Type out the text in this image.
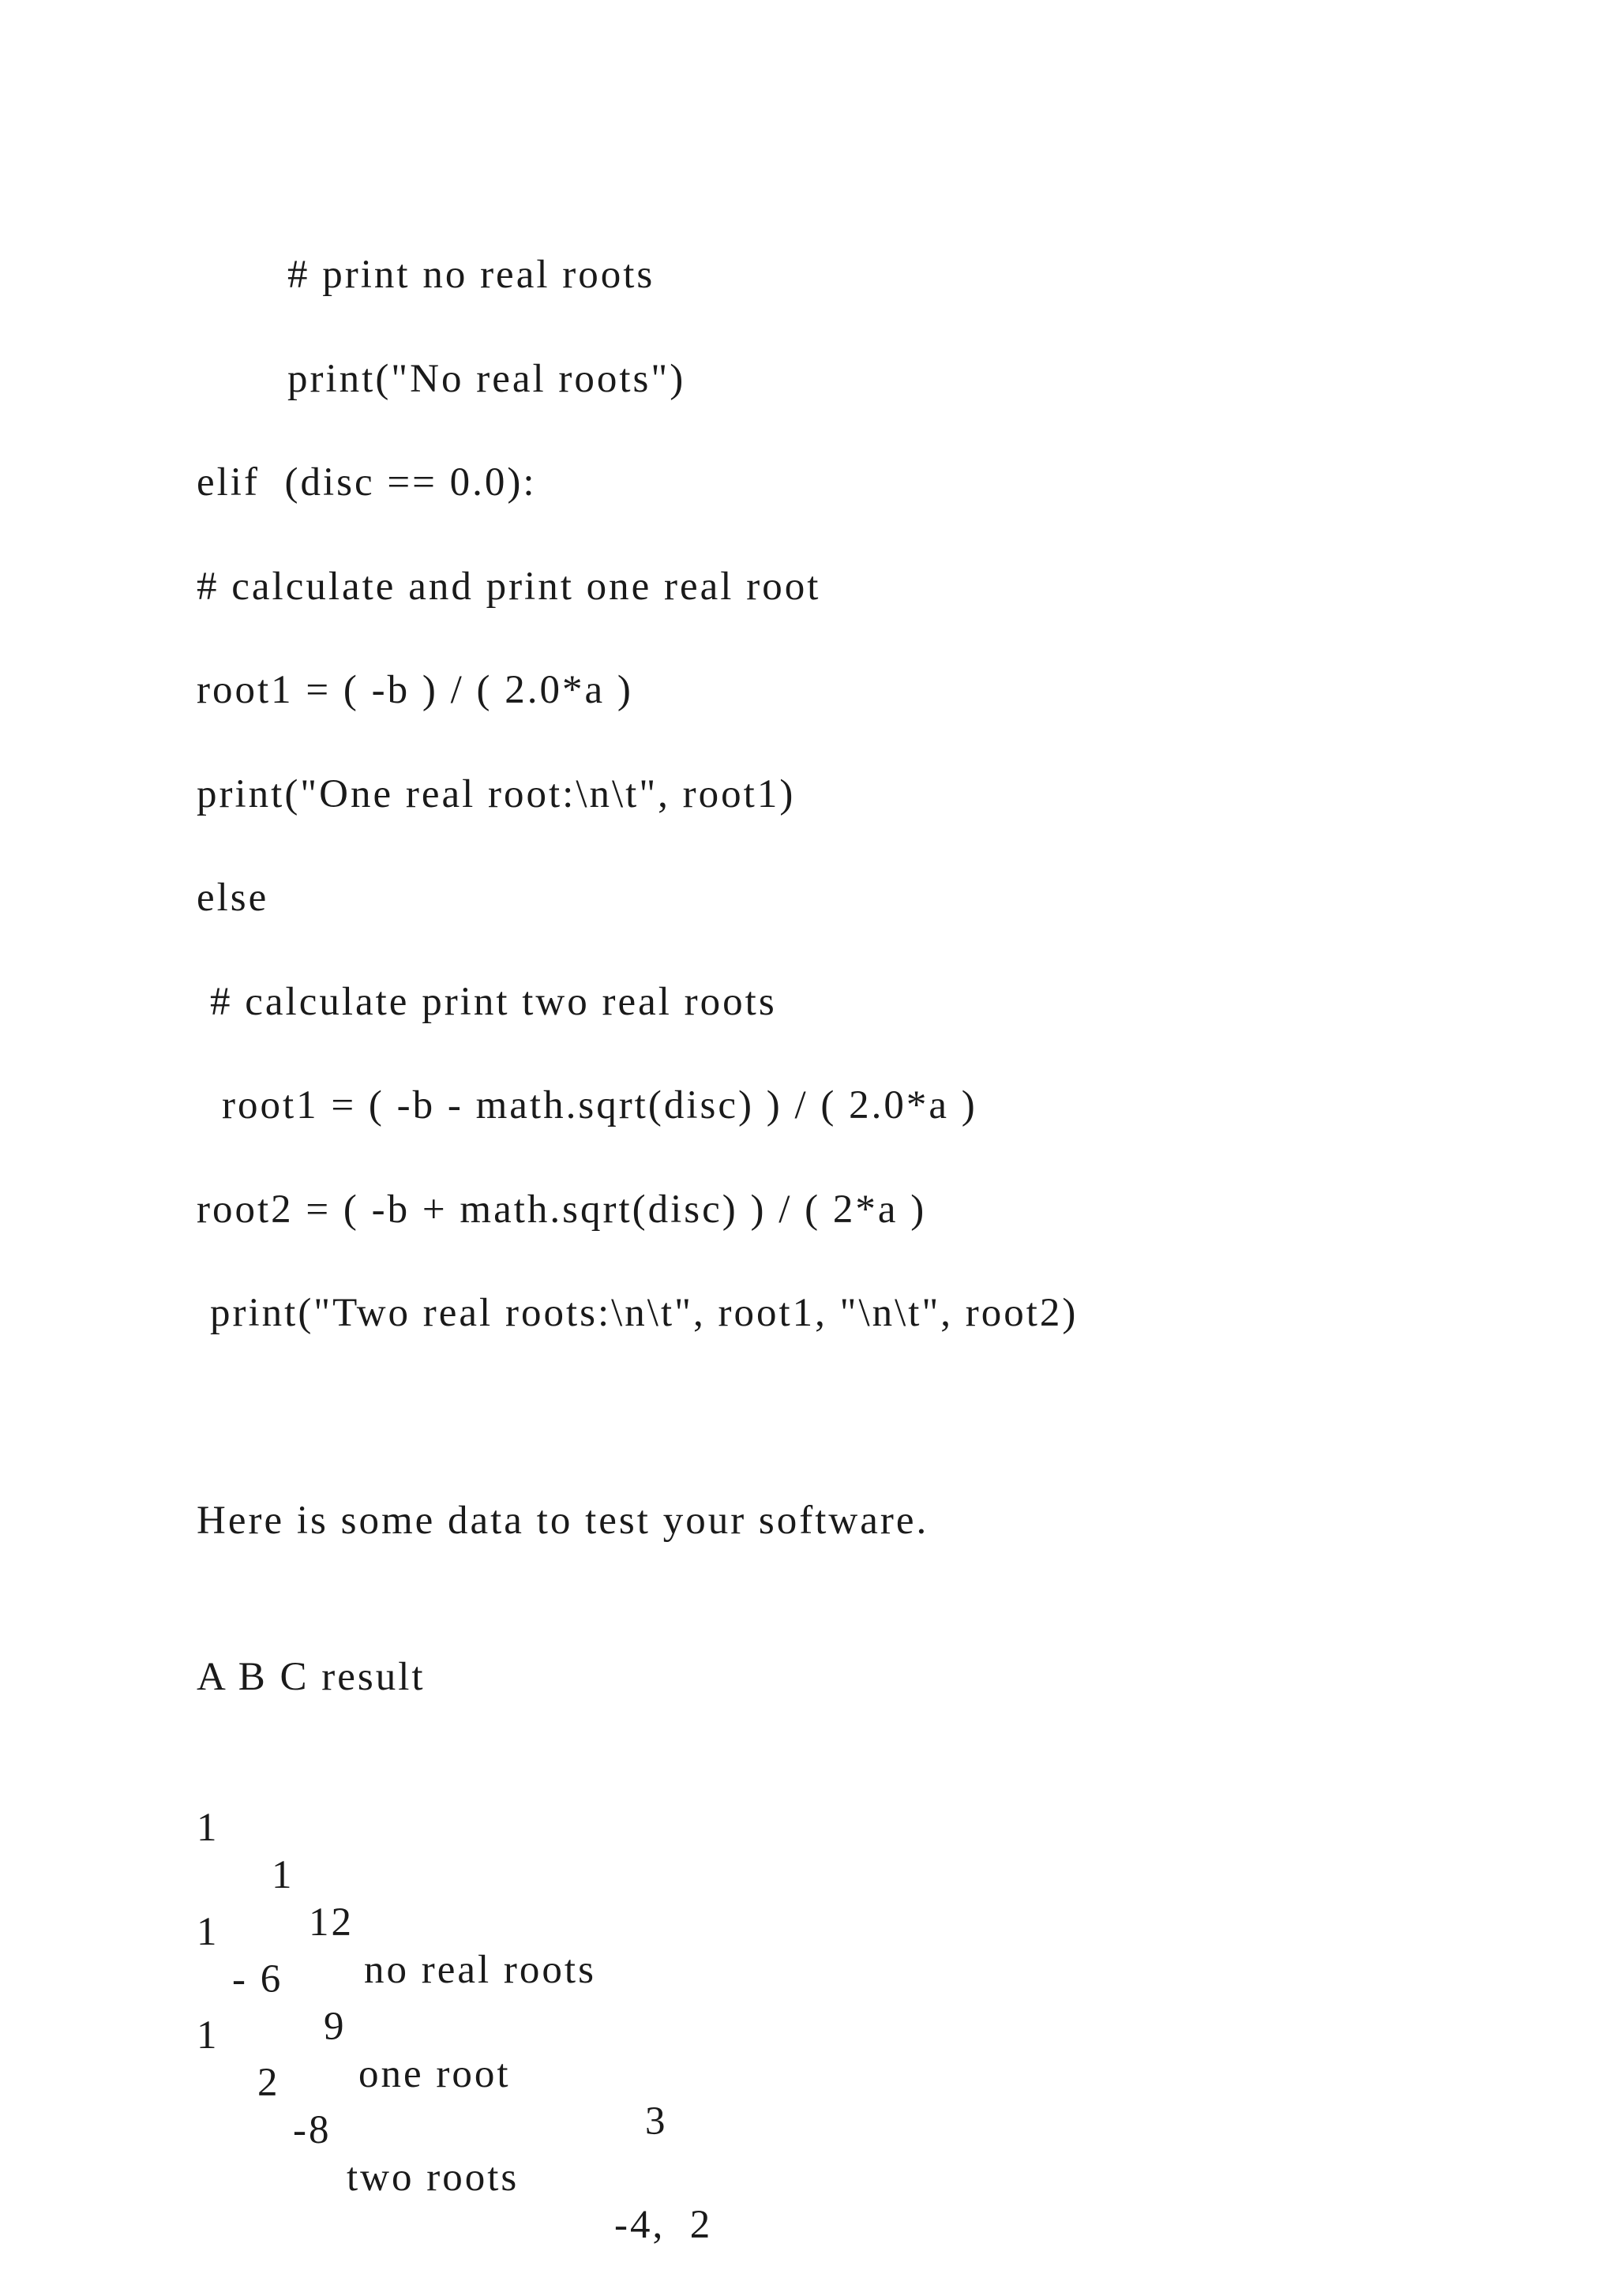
# print no real roots
print("No real roots")
elif  (disc == 0.0):
# calculate and print one real root
root1 = ( -b ) / ( 2.0*a )
print("One real root:\n\t", root1)
else
# calculate print two real roots
root1 = ( -b - math.sqrt(disc) ) / ( 2.0*a )
root2 = ( -b + math.sqrt(disc) ) / ( 2*a )
print("Two real roots:\n\t", root1, "\n\t", root2)
Here is some data to test your software.
A B C result

1

1

12

no real roots

1

- 6

9

one root

3

1

2

-8

two roots

-4,  2
